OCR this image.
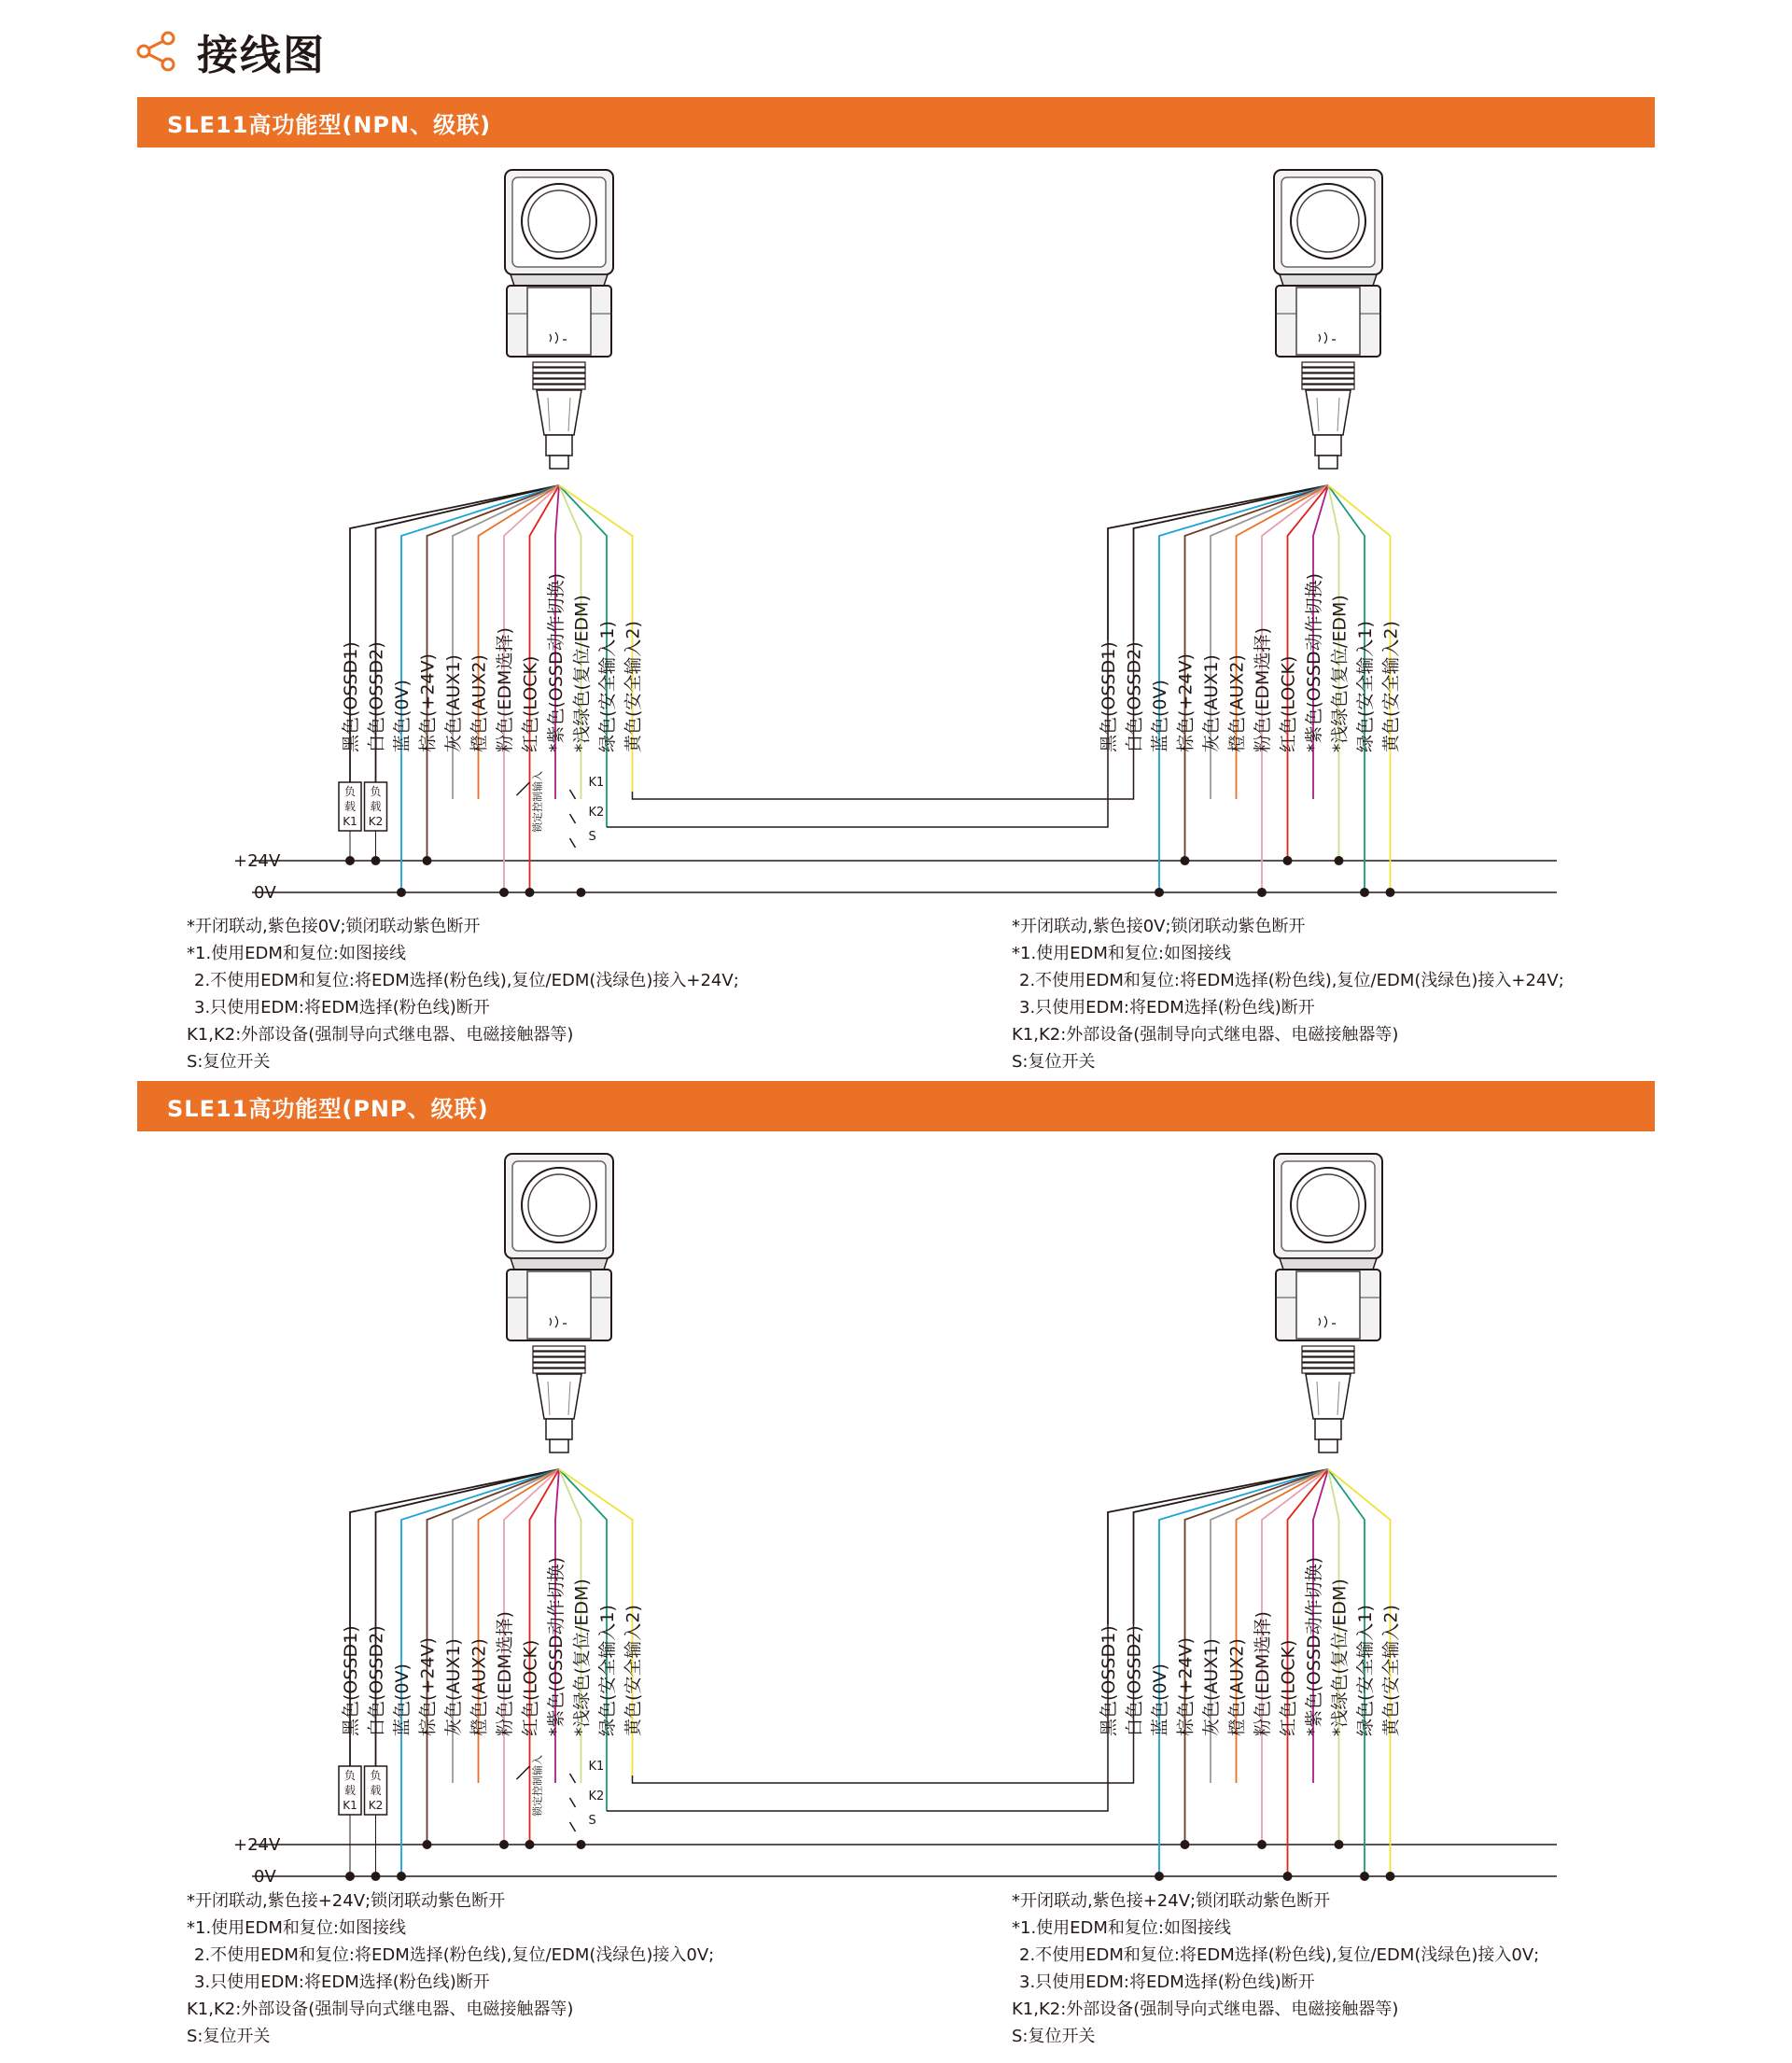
接线图
SLE11高功能型(NPN、级联)
+24V
0V
黑色(OSSD1) 白色(OSSD2) 蓝色(0V) 棕色(+24V) 灰色(AUX1) 橙色(AUX2) 粉色(EDM选择) 红色(LOCK) *紫色(OSSD动作切换) *浅绿色(复位/EDM) 绿色(安全输入1) 黄色(安全输入2)
负
载
K1
负
载
K2	锁定控制输入	K1
K2
S
黑色(OSSD1) 白色(OSSD2) 蓝色(0V) 棕色(+24V) 灰色(AUX1) 橙色(AUX2) 粉色(EDM选择) 红色(LOCK) *紫色(OSSD动作切换) *浅绿色(复位/EDM) 绿色(安全输入1) 黄色(安全输入2)
*开闭联动,紫色接0V;锁闭联动紫色断开
*1.使用EDM和复位:如图接线
2.不使用EDM和复位:将EDM选择(粉色线),复位/EDM(浅绿色)接入+24V;
3.只使用EDM:将EDM选择(粉色线)断开
K1,K2:外部设备(强制导向式继电器、电磁接触器等)
S:复位开关
*开闭联动,紫色接0V;锁闭联动紫色断开
*1.使用EDM和复位:如图接线
2.不使用EDM和复位:将EDM选择(粉色线),复位/EDM(浅绿色)接入+24V;
3.只使用EDM:将EDM选择(粉色线)断开
K1,K2:外部设备(强制导向式继电器、电磁接触器等)
S:复位开关
SLE11高功能型(PNP、级联)
+24V
0V
黑色(OSSD1) 白色(OSSD2) 蓝色(0V) 棕色(+24V) 灰色(AUX1) 橙色(AUX2) 粉色(EDM选择) 红色(LOCK) *紫色(OSSD动作切换) *浅绿色(复位/EDM) 绿色(安全输入1) 黄色(安全输入2)
负
载
K1
负
载
K2	锁定控制输入	K1
K2
S
黑色(OSSD1) 白色(OSSD2) 蓝色(0V) 棕色(+24V) 灰色(AUX1) 橙色(AUX2) 粉色(EDM选择) 红色(LOCK) *紫色(OSSD动作切换) *浅绿色(复位/EDM) 绿色(安全输入1) 黄色(安全输入2)
*开闭联动,紫色接+24V;锁闭联动紫色断开
*1.使用EDM和复位:如图接线
2.不使用EDM和复位:将EDM选择(粉色线),复位/EDM(浅绿色)接入0V;
3.只使用EDM:将EDM选择(粉色线)断开
K1,K2:外部设备(强制导向式继电器、电磁接触器等)
S:复位开关
*开闭联动,紫色接+24V;锁闭联动紫色断开
*1.使用EDM和复位:如图接线
2.不使用EDM和复位:将EDM选择(粉色线),复位/EDM(浅绿色)接入0V;
3.只使用EDM:将EDM选择(粉色线)断开
K1,K2:外部设备(强制导向式继电器、电磁接触器等)
S:复位开关
